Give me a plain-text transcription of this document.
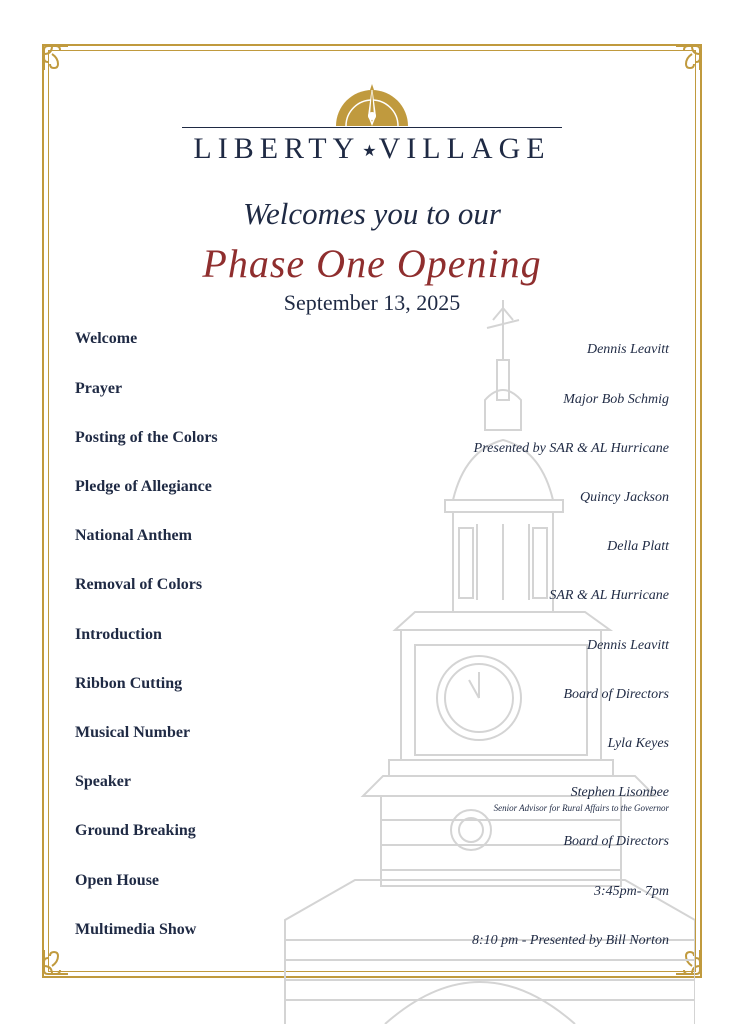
LIBERTY ★VILLAGE
Welcomes you to our
Phase One Opening
September 13, 2025
Welcome
Dennis Leavitt
Prayer
Major Bob Schmig
Posting of the Colors
Presented by SAR & AL Hurricane
Pledge of Allegiance
Quincy Jackson
National Anthem
Della Platt
Removal of Colors
SAR & AL Hurricane
Introduction
Dennis Leavitt
Ribbon Cutting
Board of Directors
Musical Number
Lyla Keyes
Speaker
Stephen Lisonbee
Senior Advisor for Rural Affairs to the Governor
Ground Breaking
Board of Directors
Open House
3:45pm- 7pm
Multimedia Show
8:10 pm - Presented by Bill Norton
